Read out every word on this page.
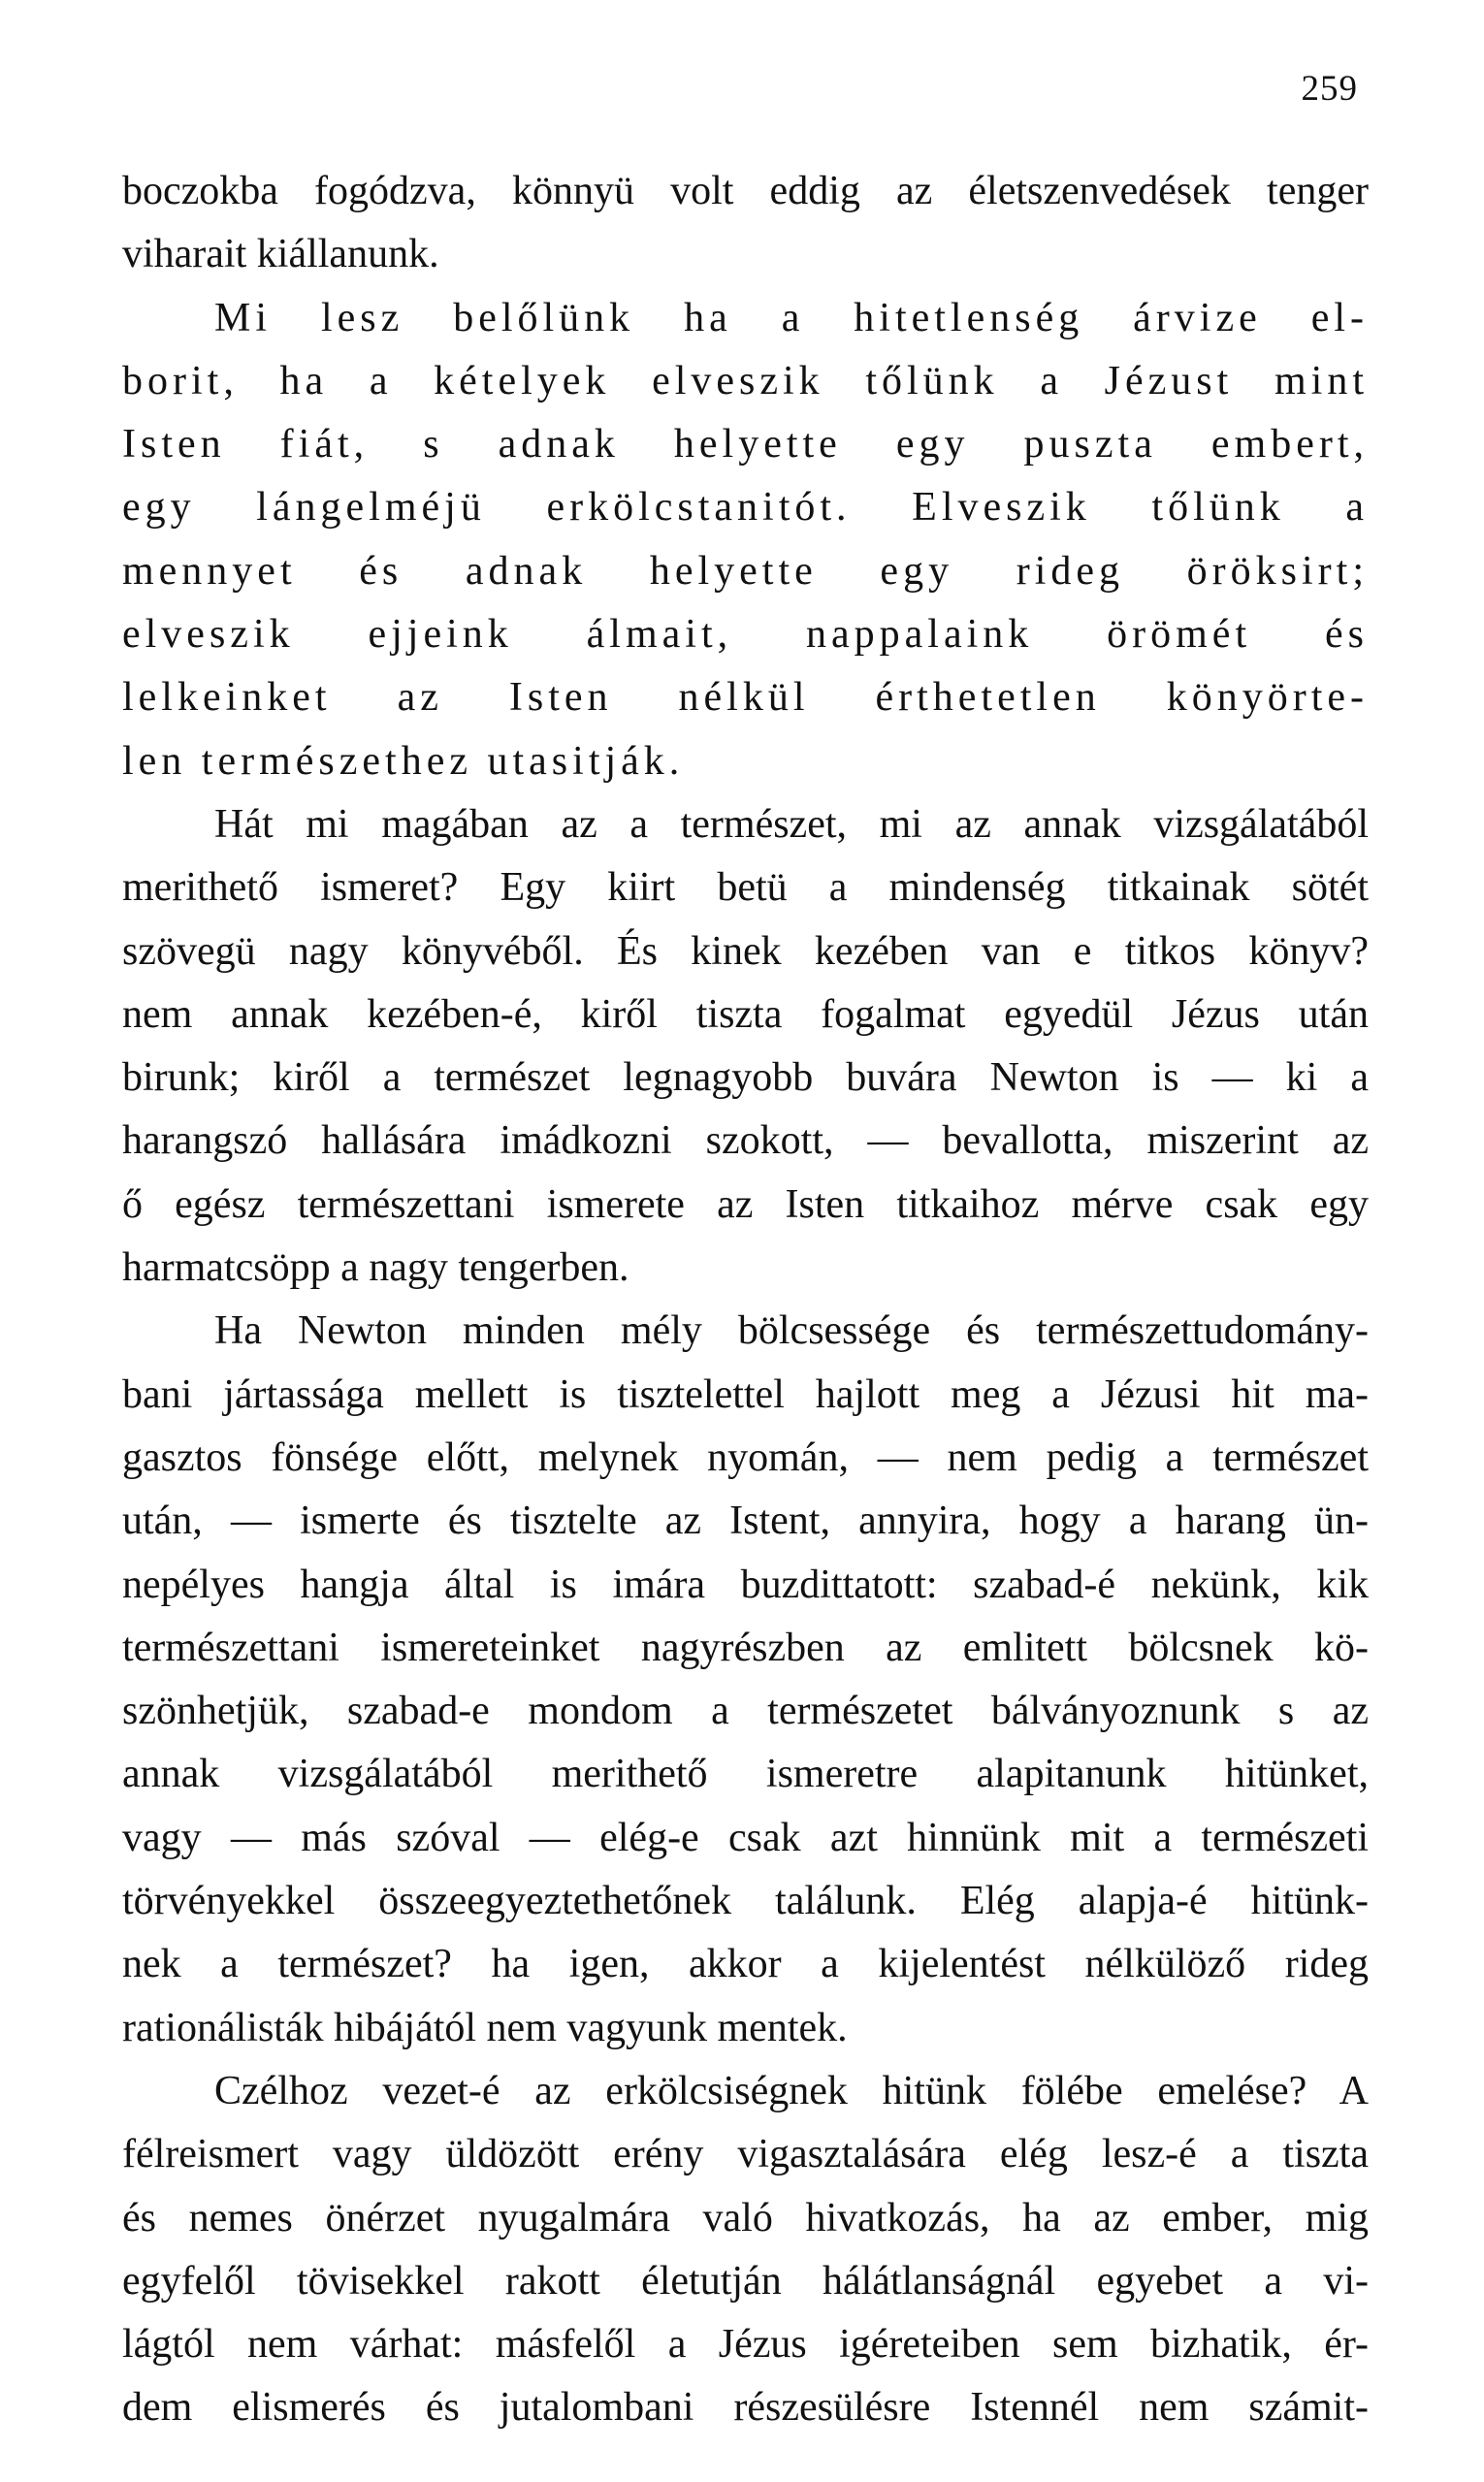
259
boczokba fogódzva, könnyü volt eddig az életszenvedések tenger
viharait kiállanunk.
Mi lesz belőlünk ha a hitetlenség árvize el-
borit, ha a kételyek elveszik tőlünk a Jézust mint
Isten fiát, s adnak helyette egy puszta embert,
egy lángelméjü erkölcstanitót. Elveszik tőlünk a
mennyet és adnak helyette egy rideg öröksirt;
elveszik ejjeink álmait, nappalaink örömét és
lelkeinket az Isten nélkül érthetetlen könyörte-
len természethez utasitják.
Hát mi magában az a természet, mi az annak vizsgálatából
merithető ismeret? Egy kiirt betü a mindenség titkainak sötét
szövegü nagy könyvéből. És kinek kezében van e titkos könyv?
nem annak kezében-é, kiről tiszta fogalmat egyedül Jézus után
birunk; kiről a természet legnagyobb buvára Newton is — ki a
harangszó hallására imádkozni szokott, — bevallotta, miszerint az
ő egész természettani ismerete az Isten titkaihoz mérve csak egy
harmatcsöpp a nagy tengerben.
Ha Newton minden mély bölcsessége és természettudomány-
bani jártassága mellett is tisztelettel hajlott meg a Jézusi hit ma-
gasztos fönsége előtt, melynek nyomán, — nem pedig a természet
után, — ismerte és tisztelte az Istent, annyira, hogy a harang ün-
nepélyes hangja által is imára buzdittatott: szabad-é nekünk, kik
természettani ismereteinket nagyrészben az emlitett bölcsnek kö-
szönhetjük, szabad-e mondom a természetet bálványoznunk s az
annak vizsgálatából merithető ismeretre alapitanunk hitünket,
vagy — más szóval — elég-e csak azt hinnünk mit a természeti
törvényekkel összeegyeztethetőnek találunk. Elég alapja-é hitünk-
nek a természet? ha igen, akkor a kijelentést nélkülöző rideg
rationálisták hibájától nem vagyunk mentek.
Czélhoz vezet-é az erkölcsiségnek hitünk fölébe emelése? A
félreismert vagy üldözött erény vigasztalására elég lesz-é a tiszta
és nemes önérzet nyugalmára való hivatkozás, ha az ember, mig
egyfelől tövisekkel rakott életutján hálátlanságnál egyebet a vi-
lágtól nem várhat: másfelől a Jézus igéreteiben sem bizhatik, ér-
dem elismerés és jutalombani részesülésre Istennél nem számit-
